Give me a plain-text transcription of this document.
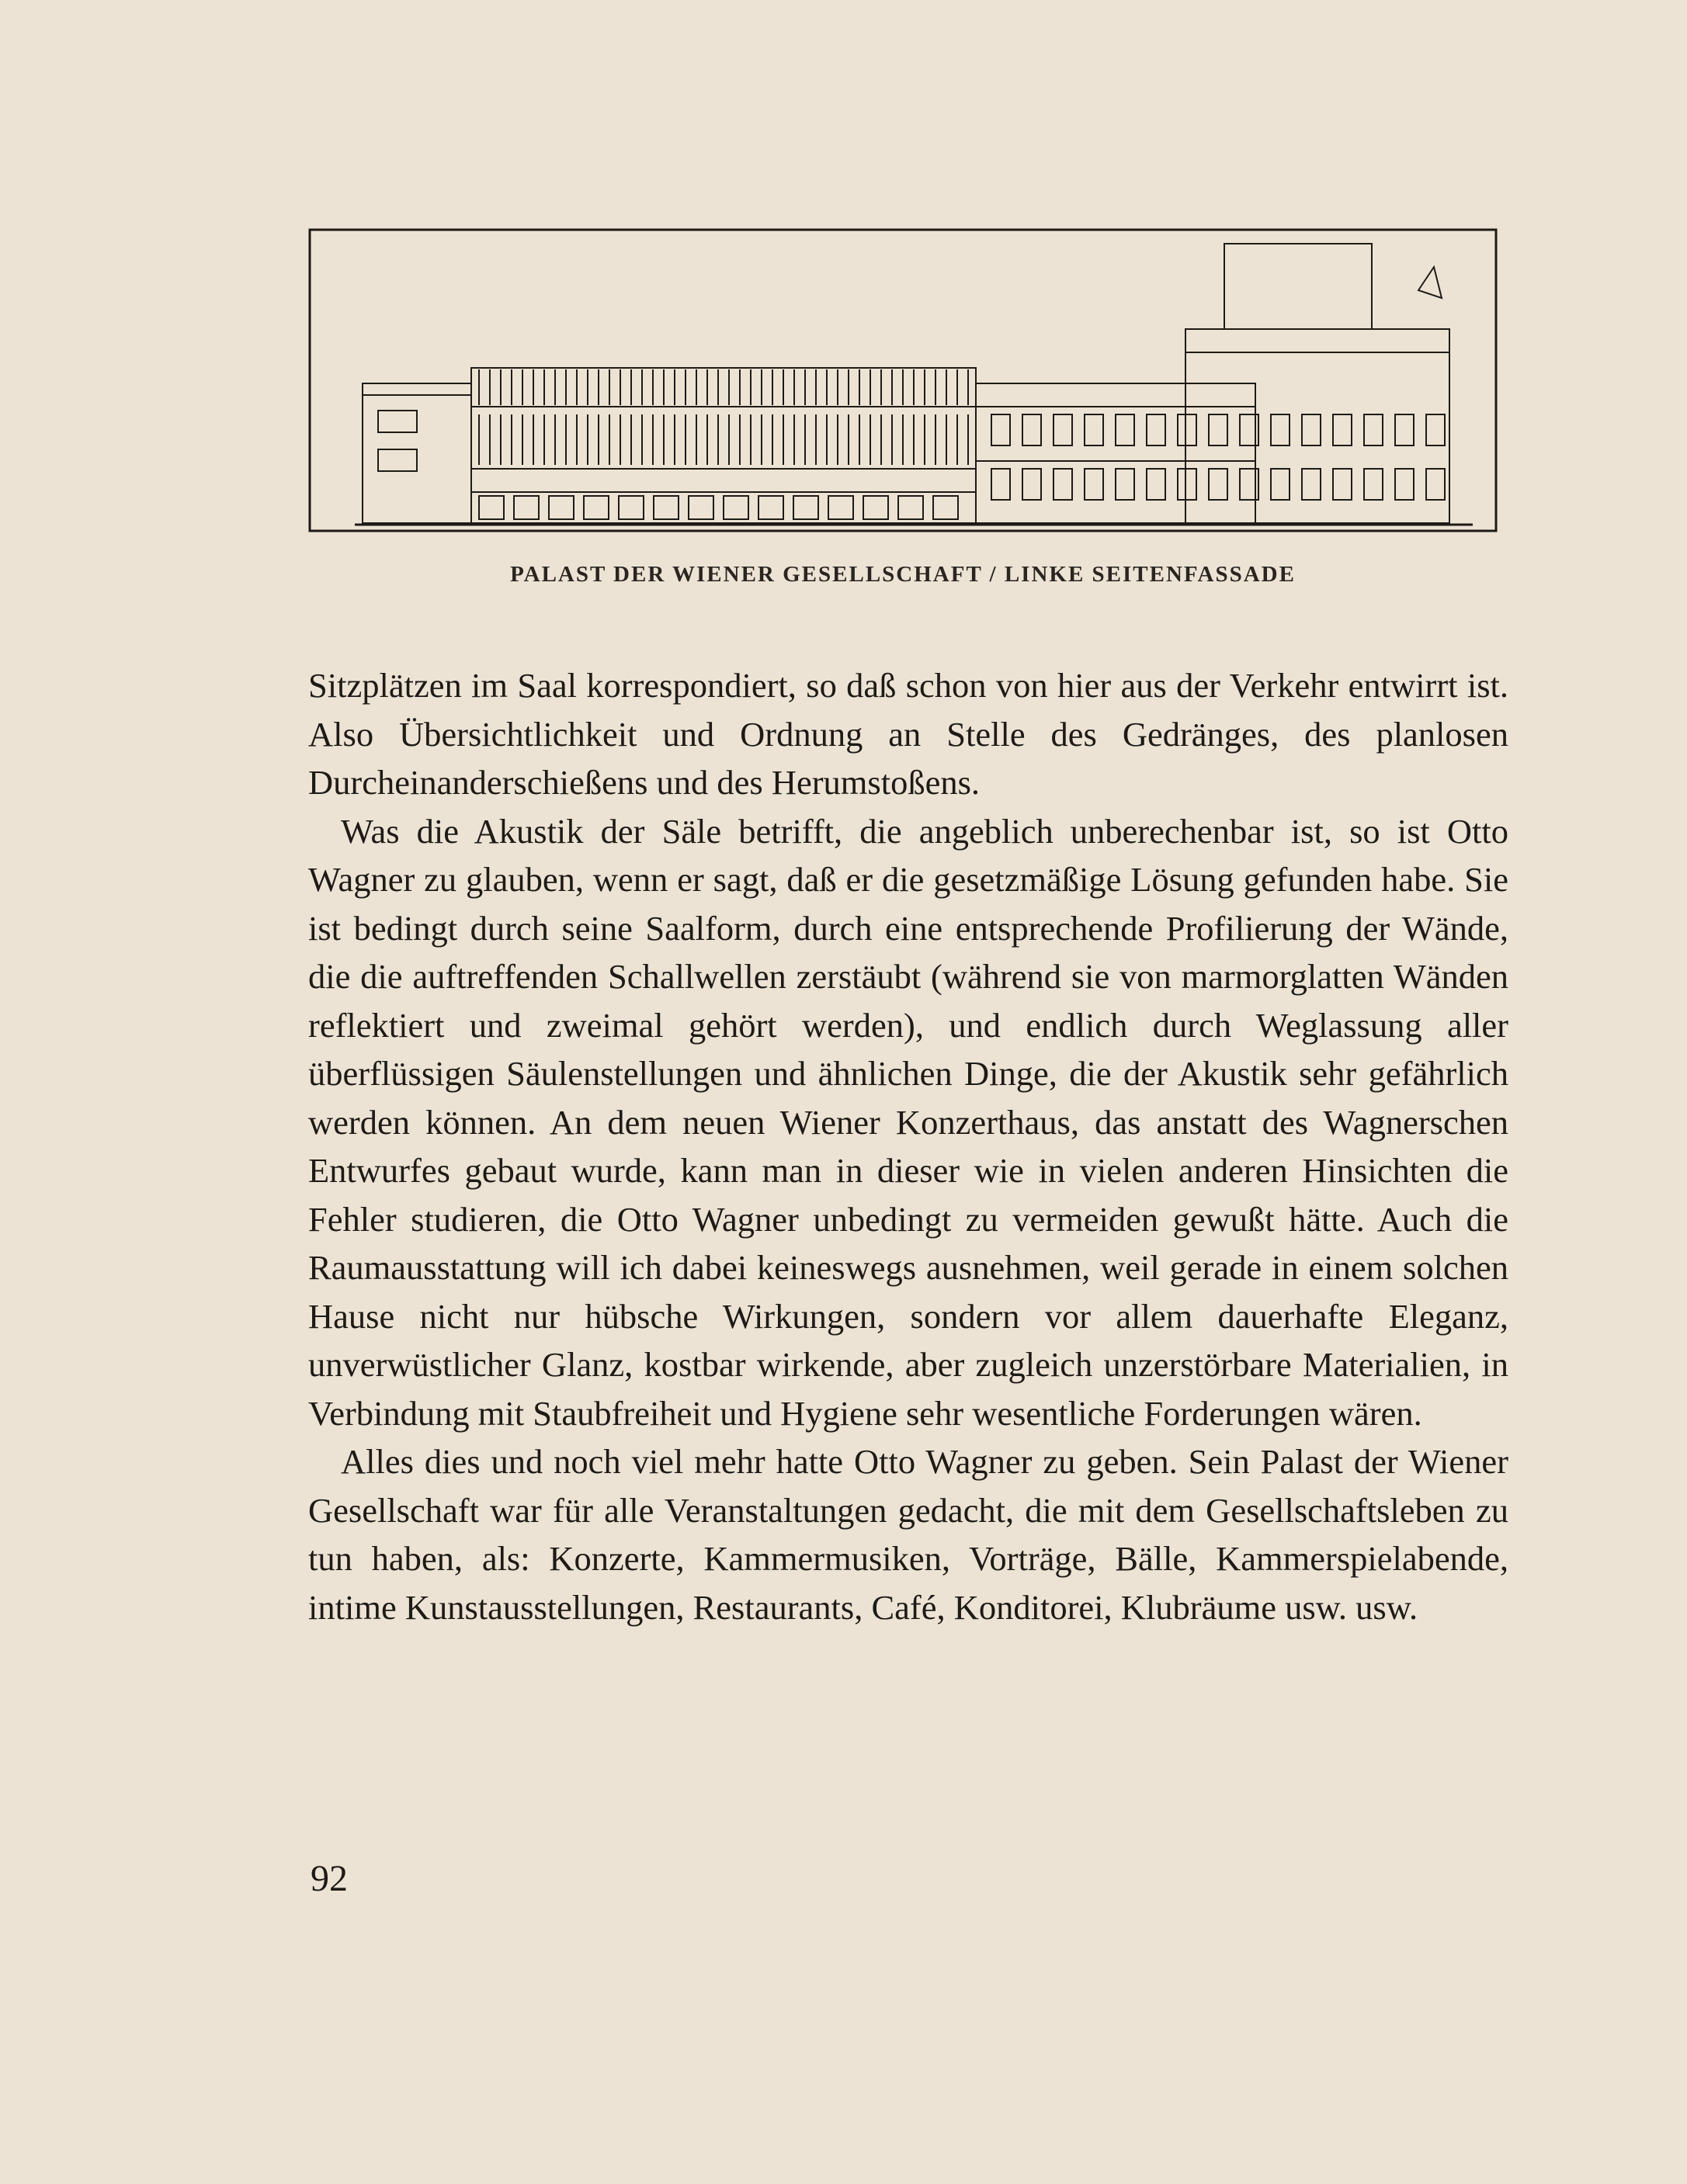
PALAST DER WIENER GESELLSCHAFT / LINKE SEITENFASSADE

Sitzplätzen im Saal korrespondiert, so daß schon von hier aus der Verkehr entwirrt ist. Also Übersichtlichkeit und Ordnung an Stelle des Gedränges, des planlosen Durcheinanderschießens und des Herumstoßens.

Was die Akustik der Säle betrifft, die angeblich unberechenbar ist, so ist Otto Wagner zu glauben, wenn er sagt, daß er die gesetzmäßige Lösung gefunden habe. Sie ist bedingt durch seine Saalform, durch eine entsprechende Profilierung der Wände, die die auftreffenden Schallwellen zerstäubt (während sie von marmorglatten Wänden reflektiert und zweimal gehört werden), und endlich durch Weglassung aller überflüssigen Säulenstellungen und ähnlichen Dinge, die der Akustik sehr gefährlich werden können. An dem neuen Wiener Konzerthaus, das anstatt des Wagnerschen Entwurfes gebaut wurde, kann man in dieser wie in vielen anderen Hinsichten die Fehler studieren, die Otto Wagner unbedingt zu vermeiden gewußt hätte. Auch die Raumausstattung will ich dabei keineswegs ausnehmen, weil gerade in einem solchen Hause nicht nur hübsche Wirkungen, sondern vor allem dauerhafte Eleganz, unverwüstlicher Glanz, kostbar wirkende, aber zugleich unzerstörbare Materialien, in Verbindung mit Staubfreiheit und Hygiene sehr wesentliche Forderungen wären.

Alles dies und noch viel mehr hatte Otto Wagner zu geben. Sein Palast der Wiener Gesellschaft war für alle Veranstaltungen gedacht, die mit dem Gesellschaftsleben zu tun haben, als: Konzerte, Kammermusiken, Vorträge, Bälle, Kammerspielabende, intime Kunstausstellungen, Restaurants, Café, Konditorei, Klubräume usw. usw.

92
